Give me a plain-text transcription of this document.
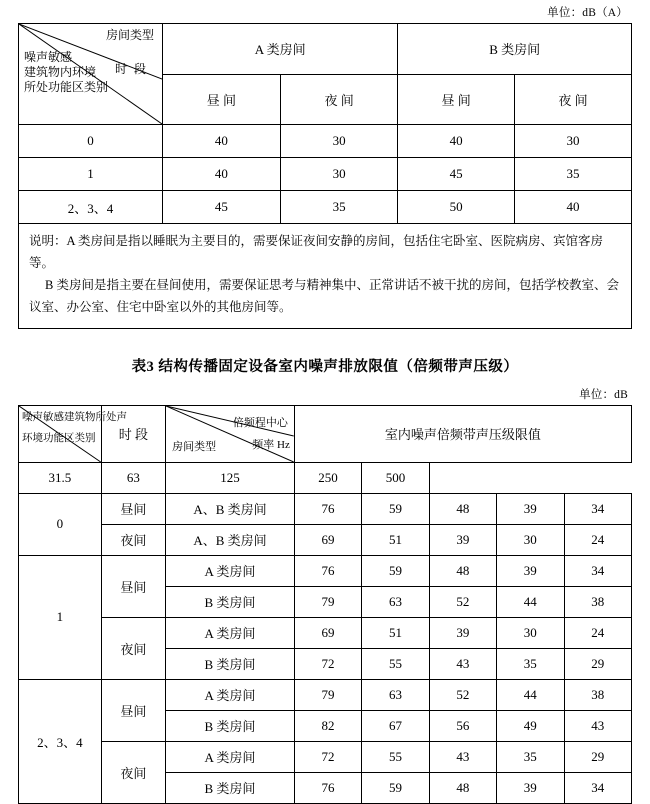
单位：dB（A）
房间类型
时 段
噪声敏感
建筑物内环境
所处功能区类别	A 类房间		B 类房间	
	昼 间	夜 间	昼 间	夜 间
0	40	30	40	30
1	40	30	45	35
2、3、4	45	35	50	40

说明：A 类房间是指以睡眠为主要目的，需要保证夜间安静的房间，包括住宅卧室、医院病房、宾馆客房等。

B 类房间是指主要在昼间使用，需要保证思考与精神集中、正常讲话不被干扰的房间，包括学校教室、会议室、办公室、住宅中卧室以外的其他房间等。				

表3 结构传播固定设备室内噪声排放限值（倍频带声压级）
单位：dB
噪声敏感建筑物所处声
环境功能区类别	时 段	倍频程中心
频率 Hz
房间类型	室内噪声倍频带声压级限值				
31.5	63	125	250	500			
0	昼间	A、B 类房间	76	59	48	39	34
	夜间	A、B 类房间	69	51	39	30	24
1	昼间	A 类房间	76	59	48	39	34
		B 类房间	79	63	52	44	38
	夜间	A 类房间	69	51	39	30	24
		B 类房间	72	55	43	35	29
2、3、4	昼间	A 类房间	79	63	52	44	38
		B 类房间	82	67	56	49	43
	夜间	A 类房间	72	55	43	35	29
		B 类房间	76	59	48	39	34
